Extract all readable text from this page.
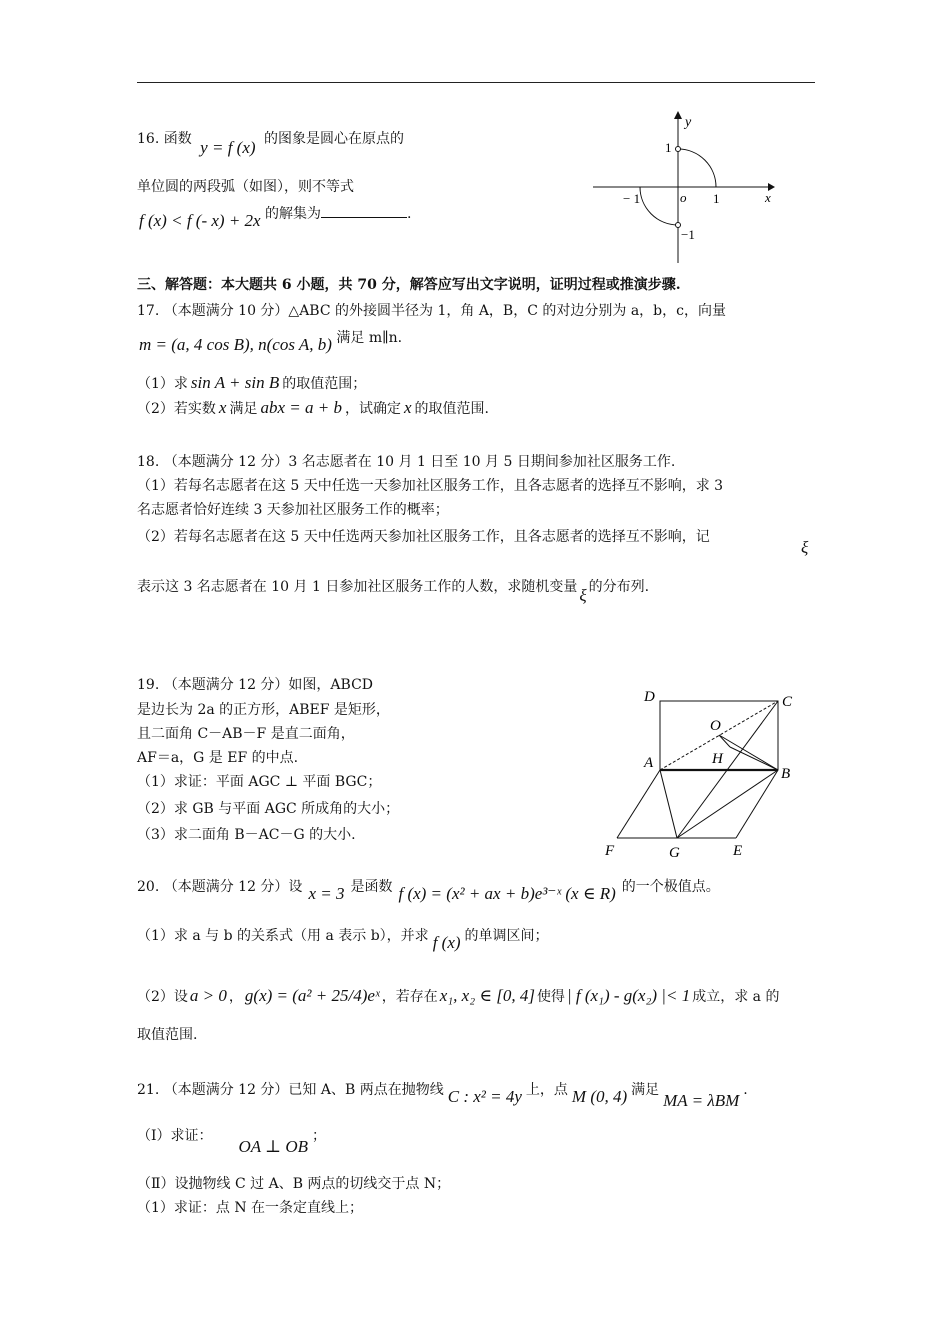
16. 函数 y = f (x) 的图象是圆心在原点的
单位圆的两段弧（如图），则不等式
f (x) < f (- x) + 2x 的解集为	.
y
x
o
1
−1
1
− 1
三、解答题：本大题共 6 小题，共 70 分，解答应写出文字说明，证明过程或推演步骤.
17. （本题满分 10 分）△ABC 的外接圆半径为 1，角 A，B，C 的对边分别为 a，b，c，向量
m = (a, 4 cos B), n(cos A, b) 满足 m∥n.
（1）求 sin A + sin B 的取值范围；
（2）若实数 x 满足 abx = a + b ，试确定 x 的取值范围.
18. （本题满分 12 分）3 名志愿者在 10 月 1 日至 10 月 5 日期间参加社区服务工作.
（1）若每名志愿者在这 5 天中任选一天参加社区服务工作，且各志愿者的选择互不影响，求 3
名志愿者恰好连续 3 天参加社区服务工作的概率；
（2）若每名志愿者在这 5 天中任选两天参加社区服务工作，且各志愿者的选择互不影响，记
ξ
表示这 3 名志愿者在 10 月 1 日参加社区服务工作的人数，求随机变量 ξ 的分布列.
19. （本题满分 12 分）如图，ABCD
是边长为 2a 的正方形，ABEF 是矩形，
且二面角 C－AB－F 是直二面角，
AF＝a，G 是 EF 的中点.
（1）求证：平面 AGC ⊥ 平面 BGC；
（2）求 GB 与平面 AGC 所成角的大小；
（3）求二面角 B－AC－G 的大小.
D	C
O
H
A
B
F	G	E
20. （本题满分 12 分）设 x = 3 是函数 f (x) = (x² + ax + b)e³⁻ˣ (x ∈ R) 的一个极值点。
（1）求 a 与 b 的关系式（用 a 表示 b），并求 f (x) 的单调区间；
（2）设 a > 0 ， g(x) = (a² + 25/4)eˣ ，若存在 x₁, x₂ ∈ [0, 4] 使得 | f (x₁) - g(x₂) |< 1 成立，求 a 的
取值范围.
21. （本题满分 12 分）已知 A、B 两点在抛物线 C : x² = 4y 上，点 M (0, 4) 满足MA = λBM.
（Ⅰ）求证：OA ⊥ OB；
（Ⅱ）设抛物线 C 过 A、B 两点的切线交于点 N；
（1）求证：点 N 在一条定直线上；
